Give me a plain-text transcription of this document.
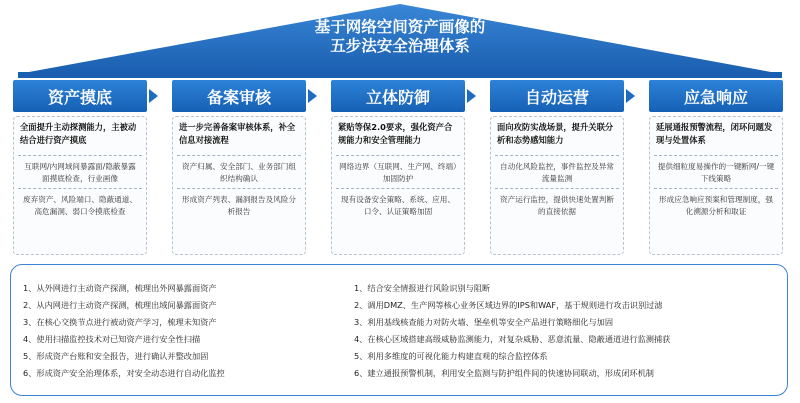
基于网络空间资产画像的
五步法安全治理体系
资产摸底	备案审核	立体防御	自动运营	应急响应
全面提升主动探测能力，主被动结合进行资产摸底
互联网/内网域间暴露面/隐蔽暴露面摸底检查，行业画像
废弃资产、风险端口、隐蔽通道、高危漏洞、弱口令摸底检查
进一步完善备案审核体系，补全信息对接流程
资产归属、安全部门、业务部门组织结构确认
形成资产列表、漏洞报告及风险分析报告
紧贴等保2.0要求，强化资产合规能力和安全管理能力
网络边界（互联网、生产网、终端）加固防护
现有设备安全策略、系统、应用、口令、认证策略加固
面向攻防实战场景，提升关联分析和态势感知能力
自动化风险监控，事件监控及异常流量监测
资产运行监控，提供快速处置判断的直接依据
延展通报预警流程，闭环问题发现与处置体系
提供细粒度易操作的一键断网/一键下线策略
形成应急响应预案和管理制度，强化溯源分析和取证
1、从外网进行主动资产探测，梳理出外网暴露面资产
2、从内网进行主动资产探测，梳理出域间暴露面资产
3、在核心交换节点进行被动资产学习，梳理未知资产
4、使用扫描监控技术对已知资产进行安全性扫描
5、形成资产台账和安全报告，进行确认并整改加固
6、形成资产安全治理体系，对安全动态进行自动化监控
1、结合安全情报进行风险识别与阻断
2、调用DMZ、生产网等核心业务区域边界的IPS和WAF，基于规则进行攻击识别过滤
3、利用基线核查能力对防火墙、堡垒机等安全产品进行策略细化与加固
4、在核心区域搭建高级威胁监测能力，对复杂威胁、恶意流量、隐蔽通道进行监测捕获
5、利用多维度的可视化能力构建直观的综合监控体系
6、建立通报预警机制，利用安全监测与防护组件间的快速协同联动，形成闭环机制
